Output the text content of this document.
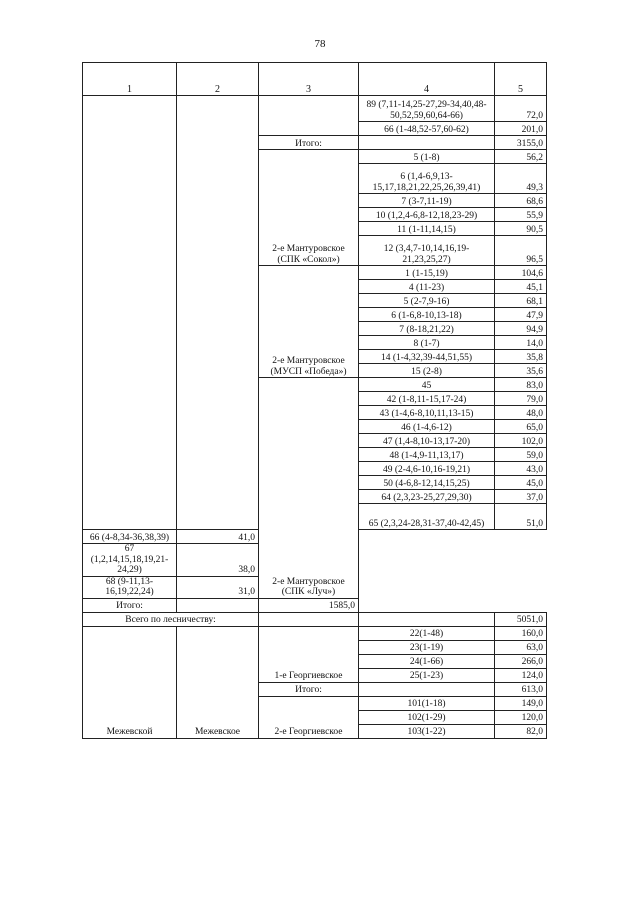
78
1	2	3	4	5
			89 (7,11-14,25-27,29-34,40,48-50,52,59,60,64-66)	72,0
			66 (1-48,52-57,60-62)	201,0
		Итого:		3155,0
		2-е Мантуровское (СПК «Сокол»)	5 (1-8)	56,2
			6 (1,4-6,9,13-15,17,18,21,22,25,26,39,41)	49,3
			7 (3-7,11-19)	68,6
			10 (1,2,4-6,8-12,18,23-29)	55,9
			11 (1-11,14,15)	90,5
			12 (3,4,7-10,14,16,19-21,23,25,27)	96,5
		2-е Мантуровское (МУСП «Победа»)	1 (1-15,19)	104,6
			4 (11-23)	45,1
			5 (2-7,9-16)	68,1
			6 (1-6,8-10,13-18)	47,9
			7 (8-18,21,22)	94,9
			8 (1-7)	14,0
			14 (1-4,32,39-44,51,55)	35,8
			15 (2-8)	35,6
		2-е Мантуровское (СПК «Луч»)	45	83,0
			42 (1-8,11-15,17-24)	79,0
			43 (1-4,6-8,10,11,13-15)	48,0
			46 (1-4,6-12)	65,0
			47 (1,4-8,10-13,17-20)	102,0
			48 (1-4,9-11,13,17)	59,0
			49 (2-4,6-10,16-19,21)	43,0
			50 (4-6,8-12,14,15,25)	45,0
			64 (2,3,23-25,27,29,30)	37,0
			65 (2,3,24-28,31-37,40-42,45)	51,0
66 (4-8,34-36,38,39)	41,0			
67 (1,2,14,15,18,19,21-24,29)	38,0			
68 (9-11,13-16,19,22,24)	31,0			
Итого:		1585,0		
Всего по лесничеству:				5051,0
Межевской	Межевское	1-е Георгиевское	22(1-48)	160,0
			23(1-19)	63,0
			24(1-66)	266,0
			25(1-23)	124,0
		Итого:		613,0
		2-е Георгиевское	101(1-18)	149,0
			102(1-29)	120,0
			103(1-22)	82,0
